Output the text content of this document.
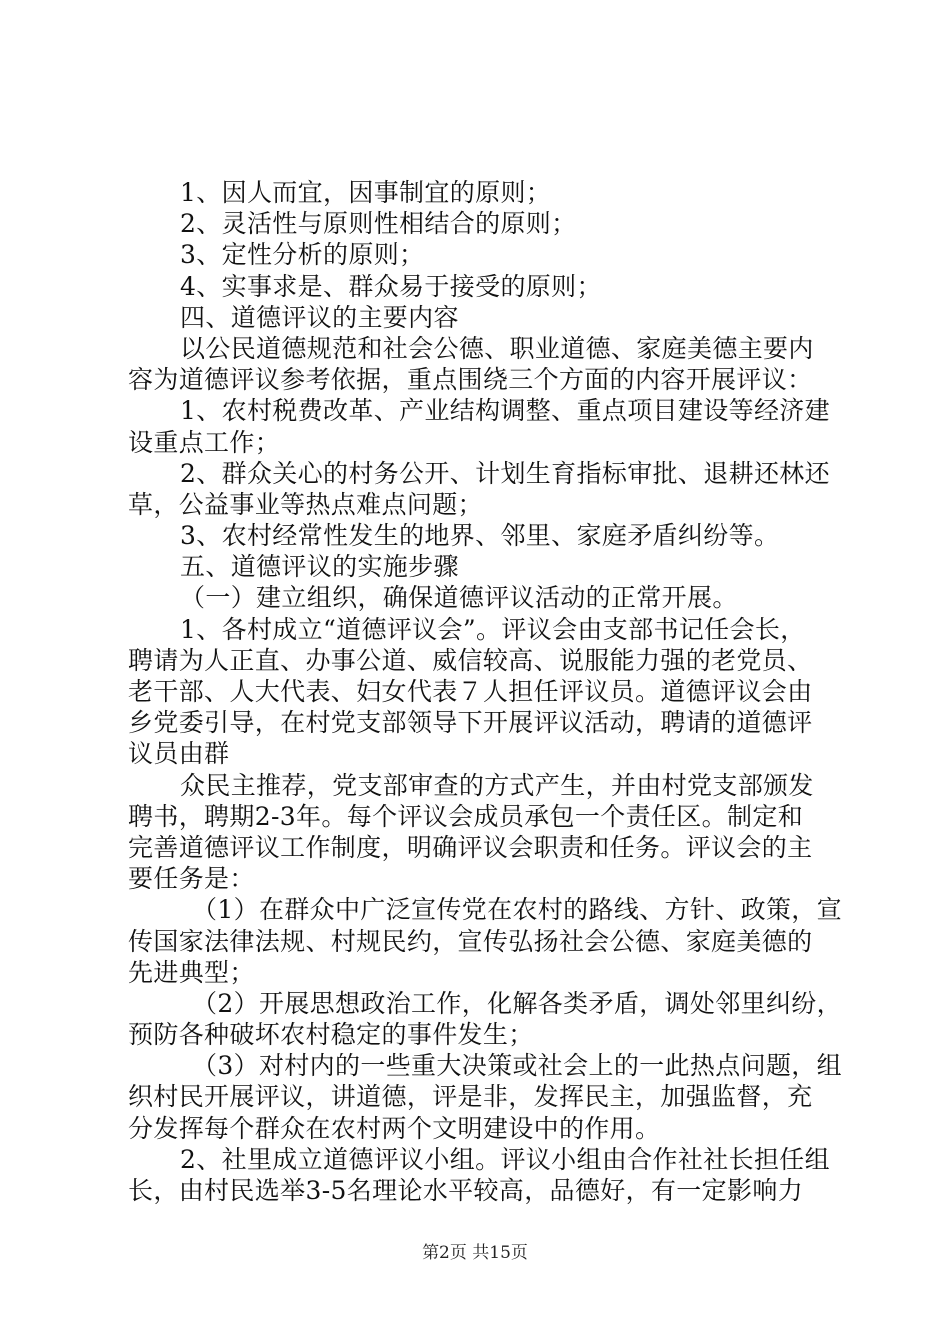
1、因人而宜，因事制宜的原则；
2、灵活性与原则性相结合的原则；
3、定性分析的原则；
4、实事求是、群众易于接受的原则；
四、道德评议的主要内容
以公民道德规范和社会公德、职业道德、家庭美德主要内
容为道德评议参考依据，重点围绕三个方面的内容开展评议：
1、农村税费改革、产业结构调整、重点项目建设等经济建
设重点工作；
2、群众关心的村务公开、计划生育指标审批、退耕还林还
草，公益事业等热点难点问题；
3、农村经常性发生的地界、邻里、家庭矛盾纠纷等。
五、道德评议的实施步骤
（一）建立组织，确保道德评议活动的正常开展。
1、各村成立“道德评议会”。评议会由支部书记任会长，
聘请为人正直、办事公道、威信较高、说服能力强的老党员、
老干部、人大代表、妇女代表７人担任评议员。道德评议会由
乡党委引导，在村党支部领导下开展评议活动，聘请的道德评
议员由群
众民主推荐，党支部审查的方式产生，并由村党支部颁发
聘书，聘期2-3年。每个评议会成员承包一个责任区。制定和
完善道德评议工作制度，明确评议会职责和任务。评议会的主
要任务是：
（1）在群众中广泛宣传党在农村的路线、方针、政策，宣
传国家法律法规、村规民约，宣传弘扬社会公德、家庭美德的
先进典型；
（2）开展思想政治工作，化解各类矛盾，调处邻里纠纷，
预防各种破坏农村稳定的事件发生；
（3）对村内的一些重大决策或社会上的一此热点问题，组
织村民开展评议，讲道德，评是非，发挥民主，加强监督，充
分发挥每个群众在农村两个文明建设中的作用。
2、社里成立道德评议小组。评议小组由合作社社长担任组
长，由村民选举3-5名理论水平较高，品德好，有一定影响力
第2页 共15页
